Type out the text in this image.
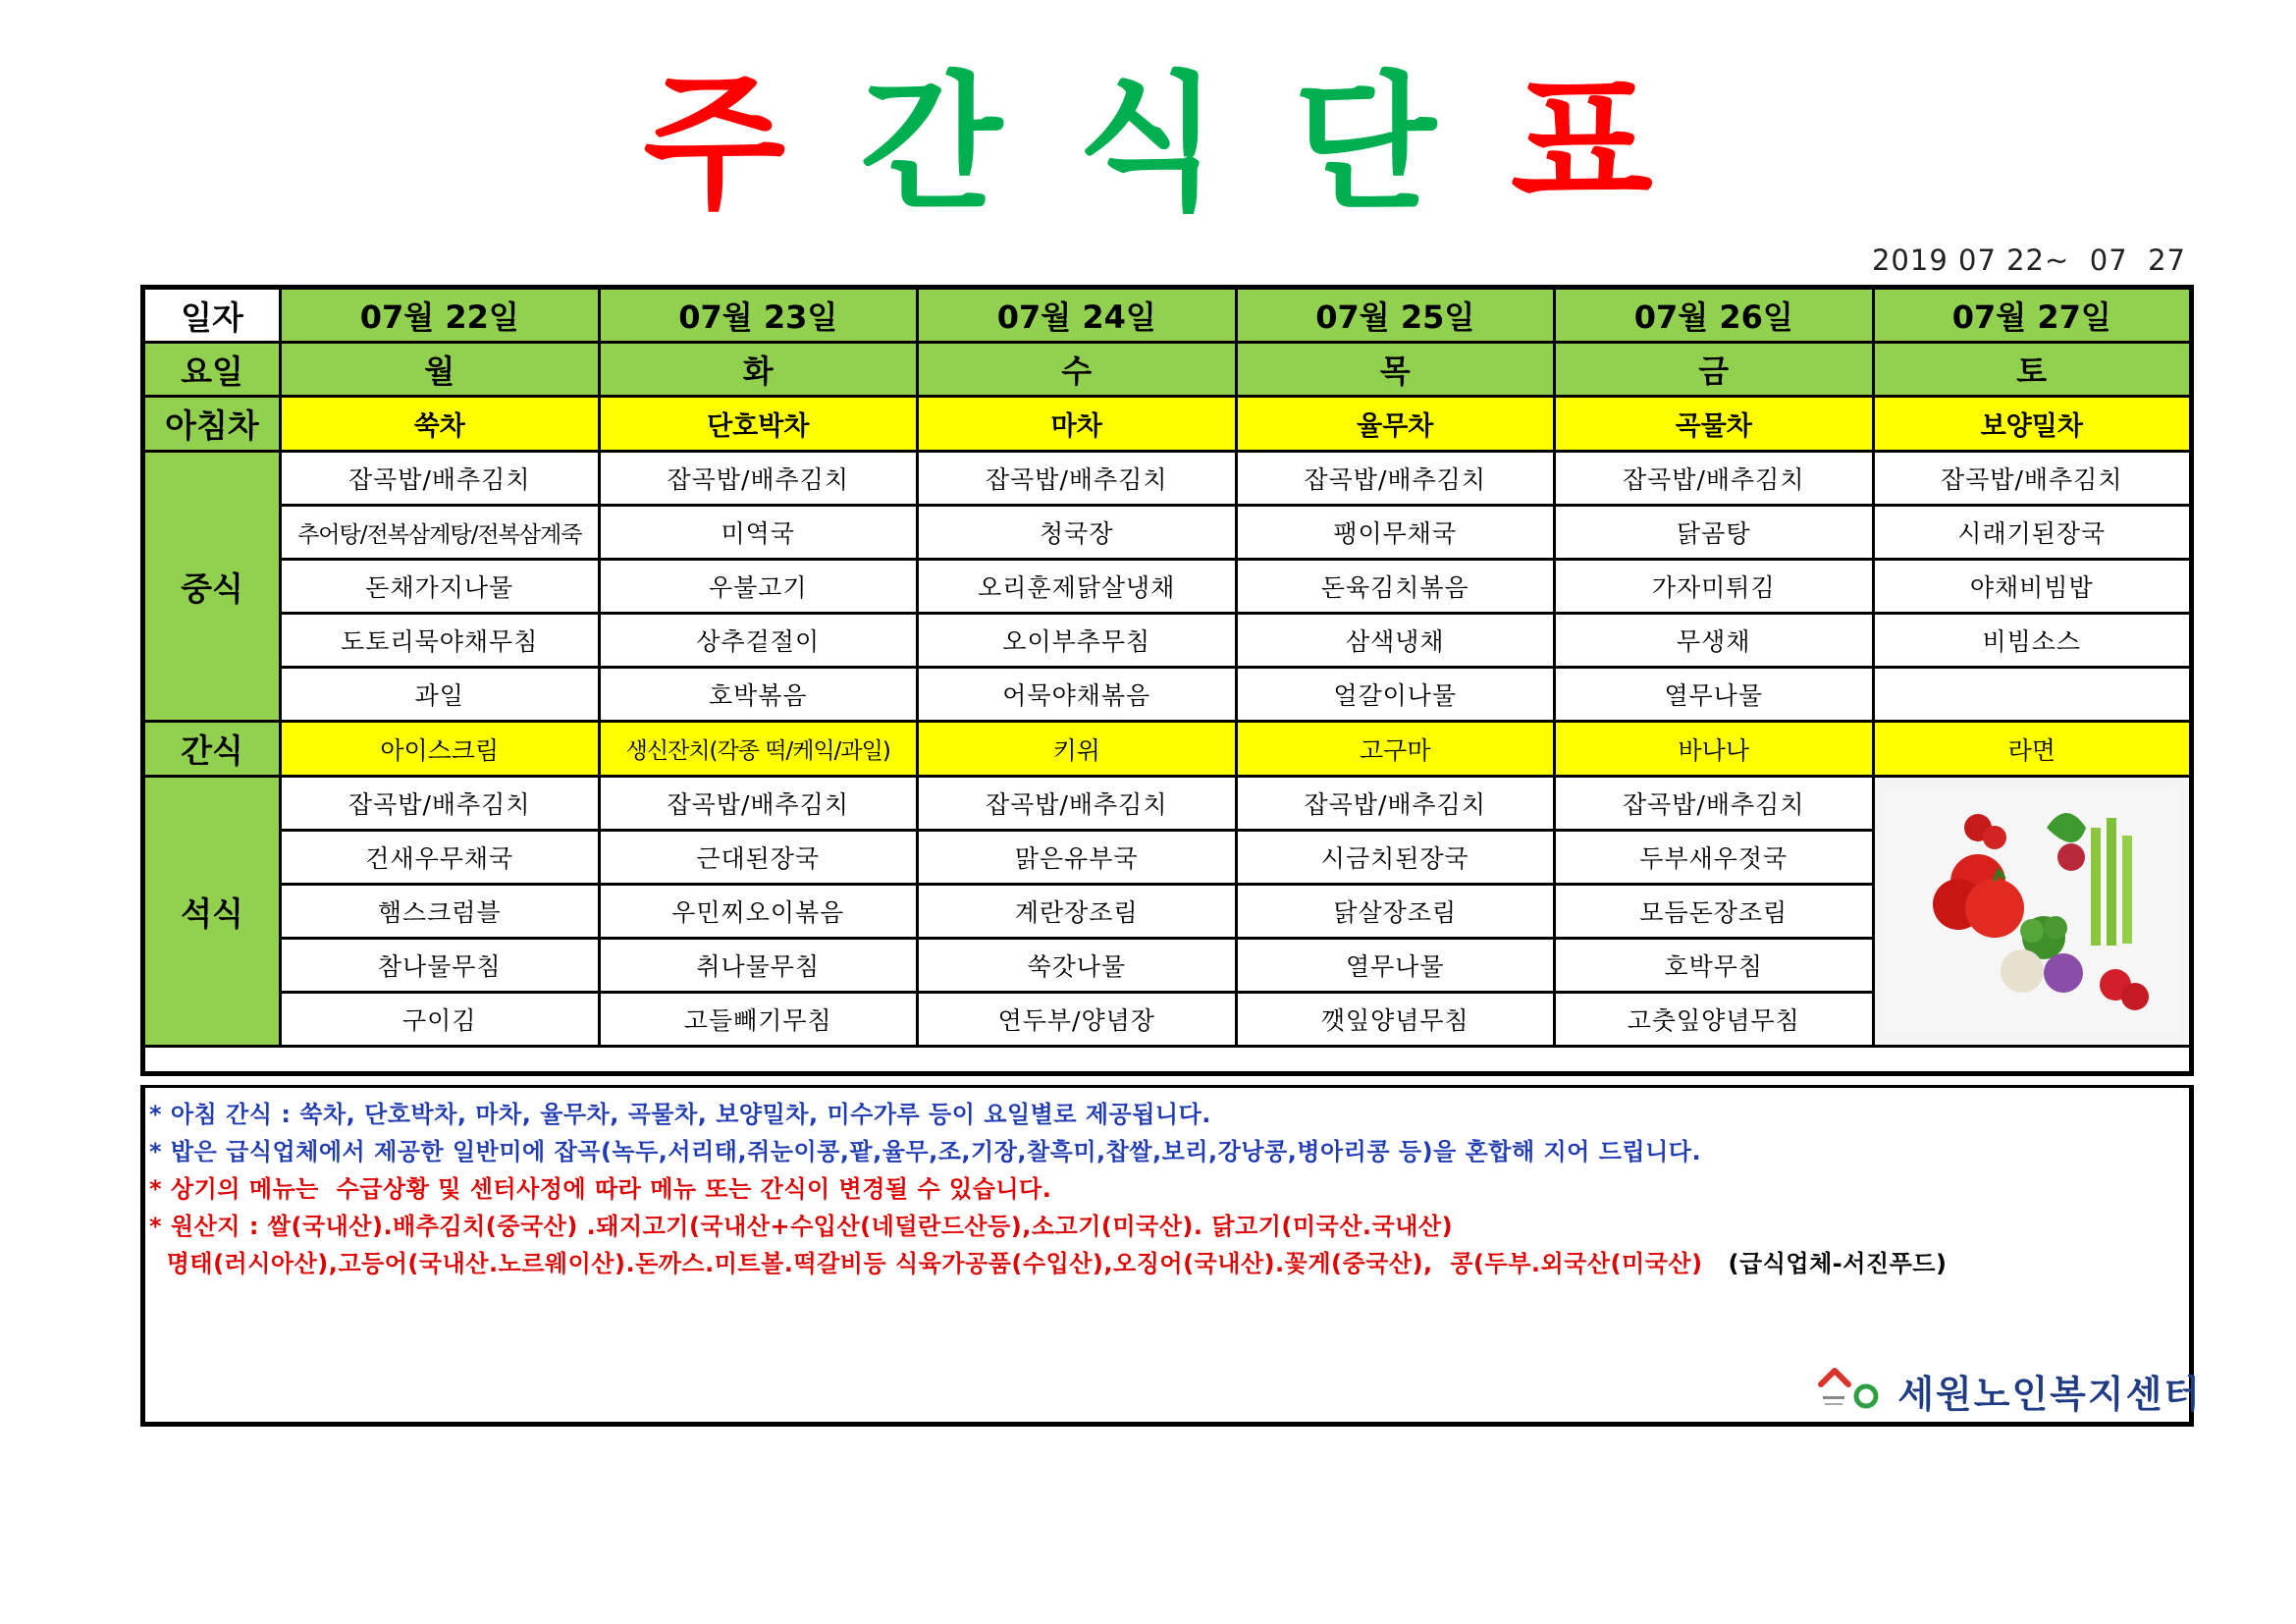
주 간 식 단 표
2019 07 22~  07  27
일자	07월 22일	07월 23일	07월 24일	07월 25일	07월 26일	07월 27일
요일	월	화	수	목	금	토
아침차	쑥차	단호박차	마차	율무차	곡물차	보양밀차
중식	잡곡밥/배추김치	잡곡밥/배추김치	잡곡밥/배추김치	잡곡밥/배추김치	잡곡밥/배추김치	잡곡밥/배추김치
	추어탕/전복삼계탕/전복삼계죽	미역국	청국장	팽이무채국	닭곰탕	시래기된장국
	돈채가지나물	우불고기	오리훈제닭살냉채	돈육김치볶음	가자미튀김	야채비빔밥
	도토리묵야채무침	상추겉절이	오이부추무침	삼색냉채	무생채	비빔소스
	과일	호박볶음	어묵야채볶음	얼갈이나물	열무나물	
간식	아이스크림	생신잔치(각종 떡/케익/과일)	키위	고구마	바나나	라면
석식	잡곡밥/배추김치	잡곡밥/배추김치	잡곡밥/배추김치	잡곡밥/배추김치	잡곡밥/배추김치	

	건새우무채국	근대된장국	맑은유부국	시금치된장국	두부새우젓국	
	햄스크럼블	우민찌오이볶음	계란장조림	닭살장조림	모듬돈장조림	
	참나물무침	취나물무침	쑥갓나물	열무나물	호박무침	
	구이김	고들빼기무침	연두부/양념장	깻잎양념무침	고춧잎양념무침	

* 아침 간식 : 쑥차, 단호박차, 마차, 율무차, 곡물차, 보양밀차, 미수가루 등이 요일별로 제공됩니다.
* 밥은 급식업체에서 제공한 일반미에 잡곡(녹두,서리태,쥐눈이콩,팥,율무,조,기장,찰흑미,찹쌀,보리,강낭콩,병아리콩 등)을 혼합해 지어 드립니다.
* 상기의 메뉴는  수급상황 및 센터사정에 따라 메뉴 또는 간식이 변경될 수 있습니다.
* 원산지 : 쌀(국내산).배추김치(중국산) .돼지고기(국내산+수입산(네덜란드산등),소고기(미국산). 닭고기(미국산.국내산)
명태(러시아산),고등어(국내산.노르웨이산).돈까스.미트볼.떡갈비등 식육가공품(수입산),오징어(국내산).꽃게(중국산),  콩(두부.외국산(미국산) (급식업체-서진푸드)
세원노인복지센터
